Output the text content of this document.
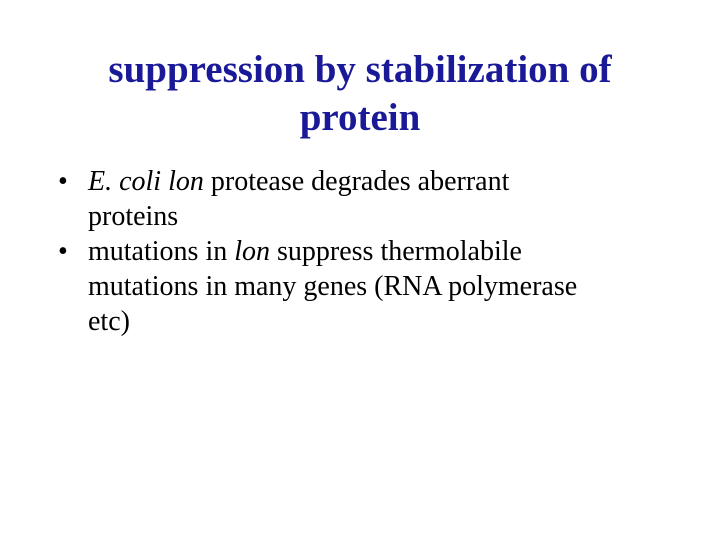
suppression by stabilization of
protein
• E. coli lon protease degrades aberrant
proteins
• mutations in lon suppress thermolabile
mutations in many genes (RNA polymerase
etc)
